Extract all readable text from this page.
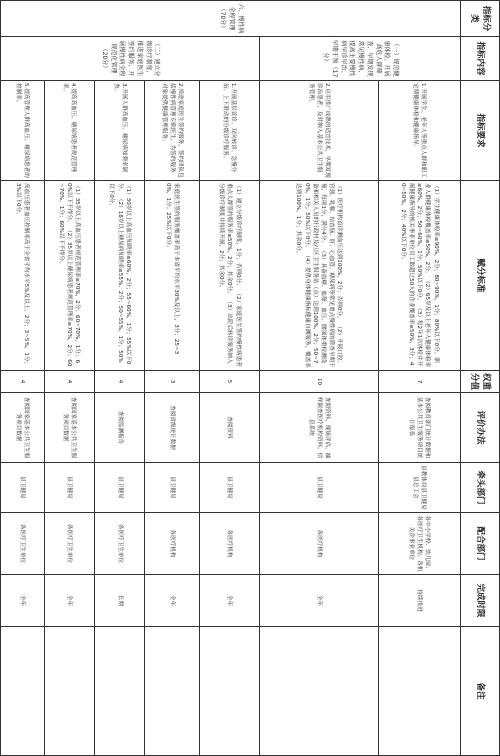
指标分类	指标内容	指标要求	赋分标准	权重分值	评价办法	牵头部门	配合部门	完成时限	备注
六、慢性病全程管理（70分）	（一）规范健康体检。开展高危人群筛查，早期发现常见慢性病，提高主要慢性病早诊早治、早期干预（17分）	1.开展学生、老年人等重点人群和职工定期健康体检和健康指导。	（1）学生健康体检率≥90%，2分；80~90%，1分；80%以下0分。职业人群健康体检覆盖率≥50%，2分。 （2）65岁及以上老年人健康体检率≥60%，2分；50~60%，1分；50%以下0分。 （3）每2年1次体检并开展健康指导的机关事业单位员工数超过50人的企业覆盖率≥50%，3分；40~50%，2分；40%以下0分。	7	查阅教育部门统计数据和基本公共卫生服务项目统计报表	县教体局县卫健局县总工会	各中小学校、幼儿园；各医疗卫生机构；各机关企事业单位	持续推进	
		2.应用推广成熟的适宜技术，早期发现诊治患者，及时纳入基本公共卫生服务管理。	（1）医疗机构首诊测血压达到100%，2分；否则0分。 （2）开展口腔、宫颈、乳腺、结直肠、肝、心血管、糖尿病等常见重点慢性病的筛查早期干预，每项1分，满分4分。 （3）具备血糖、血脂、血压、腰围体重检测设备和相关人员的行政村及社区卫生服务站（点）达到100%，2分；50~70%，1分；50%以下0分。 （4）提供身体健康指标健康自测服务，覆盖率达到100%，1分；其余0分。	10	查阅资料，现场评估，抽样调查医疗机构资料，信息系统	县卫健局	各医疗机构	全年	
	（二）建立分级诊疗制度，推进家庭医生签约服务，开展慢性病全程规范化管理（20分）	1.开展基层首诊、双向转诊、急慢分治、上下联动的分级诊疗服务。	（1）建立分级诊疗制度，1分；否则0分。 （2）家庭医生签约慢性病患者重点人群签约服务率≥50%，2分；其余0分。 （3）出院后转诊服务纳入分级诊疗制度并持续开展，2分；其余0分。	5	查阅资料	县卫健局	各医疗机构	全年	
		2.推进家庭医生签约服务，签约团队包括慢性病管理专职医生，为签约服务对象提供健康管理服务。	家庭医生签约服务覆盖率高于本省平均水平30%及以上，3分；25~30%，1分；25%以下0分。	3	查阅省级统计数据	县卫健局	各医疗机构	全年	
		3.开展人群高血压、糖尿病知晓率调查。	（1）30岁以上高血压知晓率≥60%，2分；55~60%，1分；55%以下0分。 （2）18岁以上糖尿病知晓率≥55%，2分；50~55%，1分；50%以下0分。	4	查阅监测报告	县卫健局	各医疗卫生单位	长期	
		4.提高高血压、糖尿病患者规范管理率。	（1）35岁以上高血压患者规范管理率≥70%，2分；60~70%，1分；60%以下不得分。 （2）35岁以上糖尿病患者规范管理率≥70%，2分；60~70%，1分；60%以下不得分。	4	查阅国家基本公共卫生服务项目数据	县卫健局	各医疗卫生单位	全年	
		5.提高管理人群高血压、糖尿病患者的控制率。	高血压患者血压控制率高于全省平均水平5%及以上，2分；3~5%，1分；3%以下0分。	4	查阅国家基本公共卫生服务项目数据	县卫健局	各医疗卫生单位	全年	
